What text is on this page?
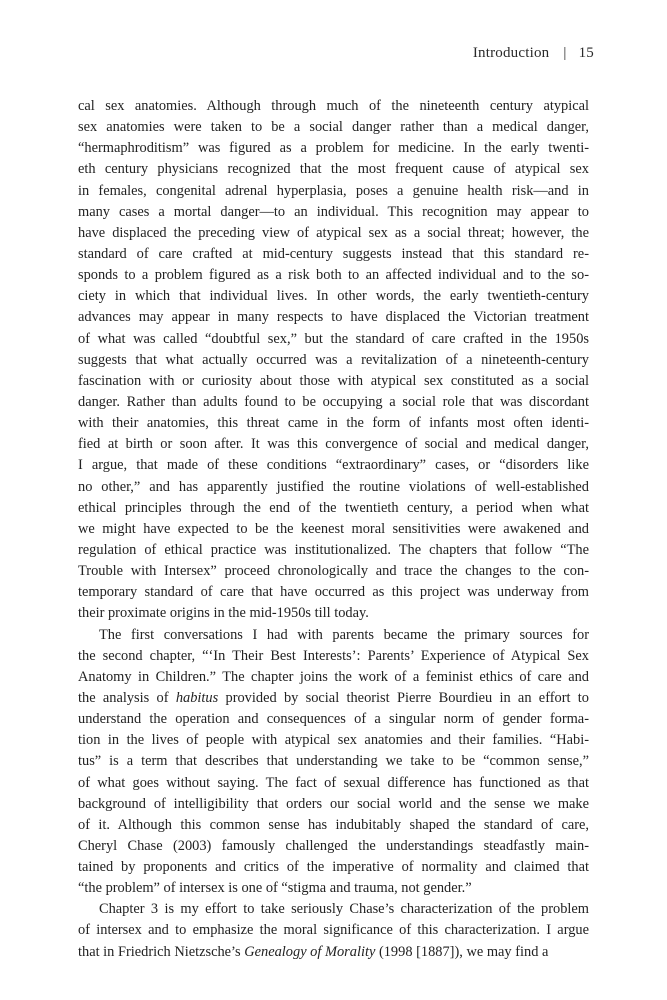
Introduction | 15
cal sex anatomies. Although through much of the nineteenth century atypical
sex anatomies were taken to be a social danger rather than a medical danger,
“hermaphroditism” was figured as a problem for medicine. In the early twenti-
eth century physicians recognized that the most frequent cause of atypical sex
in females, congenital adrenal hyperplasia, poses a genuine health risk—and in
many cases a mortal danger—to an individual. This recognition may appear to
have displaced the preceding view of atypical sex as a social threat; however, the
standard of care crafted at mid-century suggests instead that this standard re-
sponds to a problem figured as a risk both to an affected individual and to the so-
ciety in which that individual lives. In other words, the early twentieth-century
advances may appear in many respects to have displaced the Victorian treatment
of what was called “doubtful sex,” but the standard of care crafted in the 1950s
suggests that what actually occurred was a revitalization of a nineteenth-century
fascination with or curiosity about those with atypical sex constituted as a social
danger. Rather than adults found to be occupying a social role that was discordant
with their anatomies, this threat came in the form of infants most often identi-
fied at birth or soon after. It was this convergence of social and medical danger,
I argue, that made of these conditions “extraordinary” cases, or “disorders like
no other,” and has apparently justified the routine violations of well-established
ethical principles through the end of the twentieth century, a period when what
we might have expected to be the keenest moral sensitivities were awakened and
regulation of ethical practice was institutionalized. The chapters that follow “The
Trouble with Intersex” proceed chronologically and trace the changes to the con-
temporary standard of care that have occurred as this project was underway from
their proximate origins in the mid-1950s till today.
The first conversations I had with parents became the primary sources for
the second chapter, “‘In Their Best Interests’: Parents’ Experience of Atypical Sex
Anatomy in Children.” The chapter joins the work of a feminist ethics of care and
the analysis of habitus provided by social theorist Pierre Bourdieu in an effort to
understand the operation and consequences of a singular norm of gender forma-
tion in the lives of people with atypical sex anatomies and their families. “Habi-
tus” is a term that describes that understanding we take to be “common sense,”
of what goes without saying. The fact of sexual difference has functioned as that
background of intelligibility that orders our social world and the sense we make
of it. Although this common sense has indubitably shaped the standard of care,
Cheryl Chase (2003) famously challenged the understandings steadfastly main-
tained by proponents and critics of the imperative of normality and claimed that
“the problem” of intersex is one of “stigma and trauma, not gender.”
Chapter 3 is my effort to take seriously Chase’s characterization of the problem
of intersex and to emphasize the moral significance of this characterization. I argue
that in Friedrich Nietzsche’s Genealogy of Morality (1998 [1887]), we may find a
